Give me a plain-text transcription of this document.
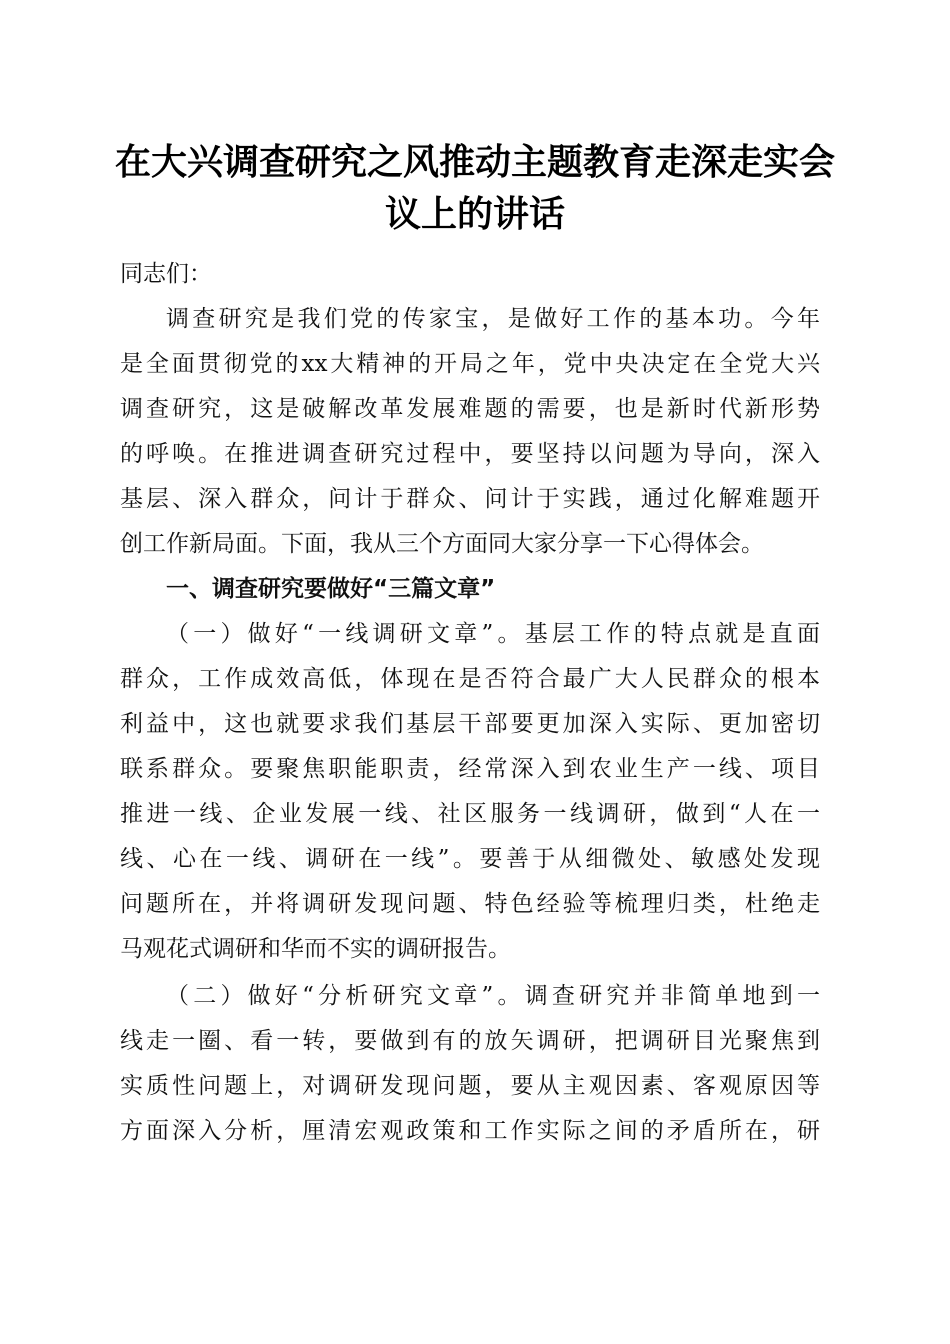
在大兴调查研究之风推动主题教育走深走实会
议上的讲话

同志们：

调查研究是我们党的传家宝，是做好工作的基本功。今年
是全面贯彻党的xx大精神的开局之年，党中央决定在全党大兴
调查研究，这是破解改革发展难题的需要，也是新时代新形势
的呼唤。在推进调查研究过程中，要坚持以问题为导向，深入
基层、深入群众，问计于群众、问计于实践，通过化解难题开
创工作新局面。下面，我从三个方面同大家分享一下心得体会。

一、调查研究要做好“三篇文章”

（一）做好“一线调研文章”。基层工作的特点就是直面
群众，工作成效高低，体现在是否符合最广大人民群众的根本
利益中，这也就要求我们基层干部要更加深入实际、更加密切
联系群众。要聚焦职能职责，经常深入到农业生产一线、项目
推进一线、企业发展一线、社区服务一线调研，做到“人在一
线、心在一线、调研在一线”。要善于从细微处、敏感处发现
问题所在，并将调研发现问题、特色经验等梳理归类，杜绝走
马观花式调研和华而不实的调研报告。
（二）做好“分析研究文章”。调查研究并非简单地到一
线走一圈、看一转，要做到有的放矢调研，把调研目光聚焦到
实质性问题上，对调研发现问题，要从主观因素、客观原因等
方面深入分析，厘清宏观政策和工作实际之间的矛盾所在，研
